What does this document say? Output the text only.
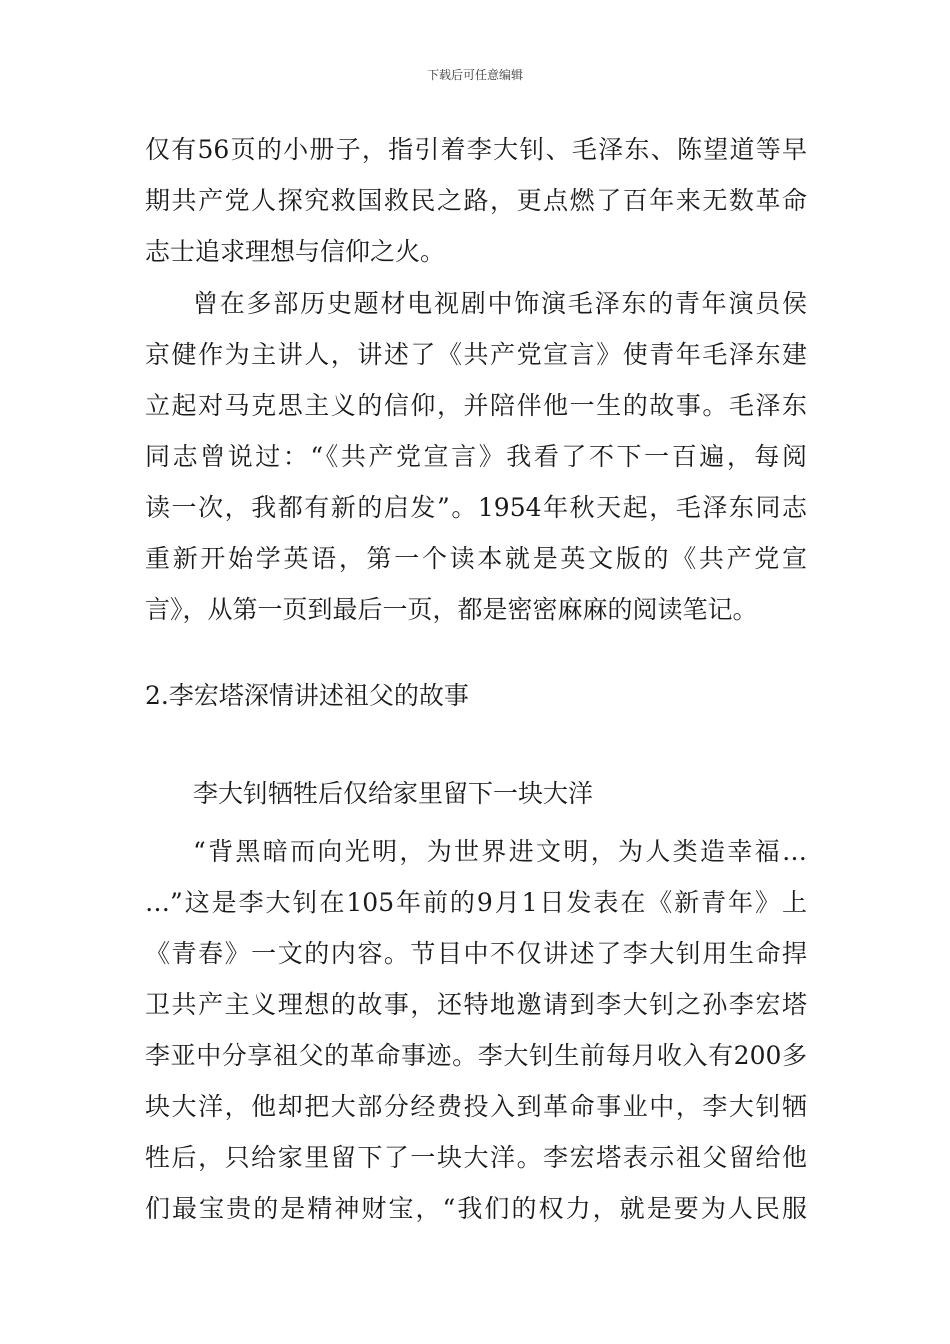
下载后可任意编辑
仅有56页的小册子，指引着李大钊、毛泽东、陈望道等早
期共产党人探究救国救民之路，更点燃了百年来无数革命
志士追求理想与信仰之火。
曾在多部历史题材电视剧中饰演毛泽东的青年演员侯
京健作为主讲人，讲述了《共产党宣言》使青年毛泽东建
立起对马克思主义的信仰，并陪伴他一生的故事。毛泽东
同志曾说过：“《共产党宣言》我看了不下一百遍，每阅
读一次，我都有新的启发”。1954年秋天起，毛泽东同志
重新开始学英语，第一个读本就是英文版的《共产党宣
言》，从第一页到最后一页，都是密密麻麻的阅读笔记。
2.李宏塔深情讲述祖父的故事
李大钊牺牲后仅给家里留下一块大洋
“背黑暗而向光明，为世界进文明，为人类造幸福…
…”这是李大钊在105年前的9月1日发表在《新青年》上
《青春》一文的内容。节目中不仅讲述了李大钊用生命捍
卫共产主义理想的故事，还特地邀请到李大钊之孙李宏塔
李亚中分享祖父的革命事迹。李大钊生前每月收入有200多
块大洋，他却把大部分经费投入到革命事业中，李大钊牺
牲后，只给家里留下了一块大洋。李宏塔表示祖父留给他
们最宝贵的是精神财宝，“我们的权力，就是要为人民服
